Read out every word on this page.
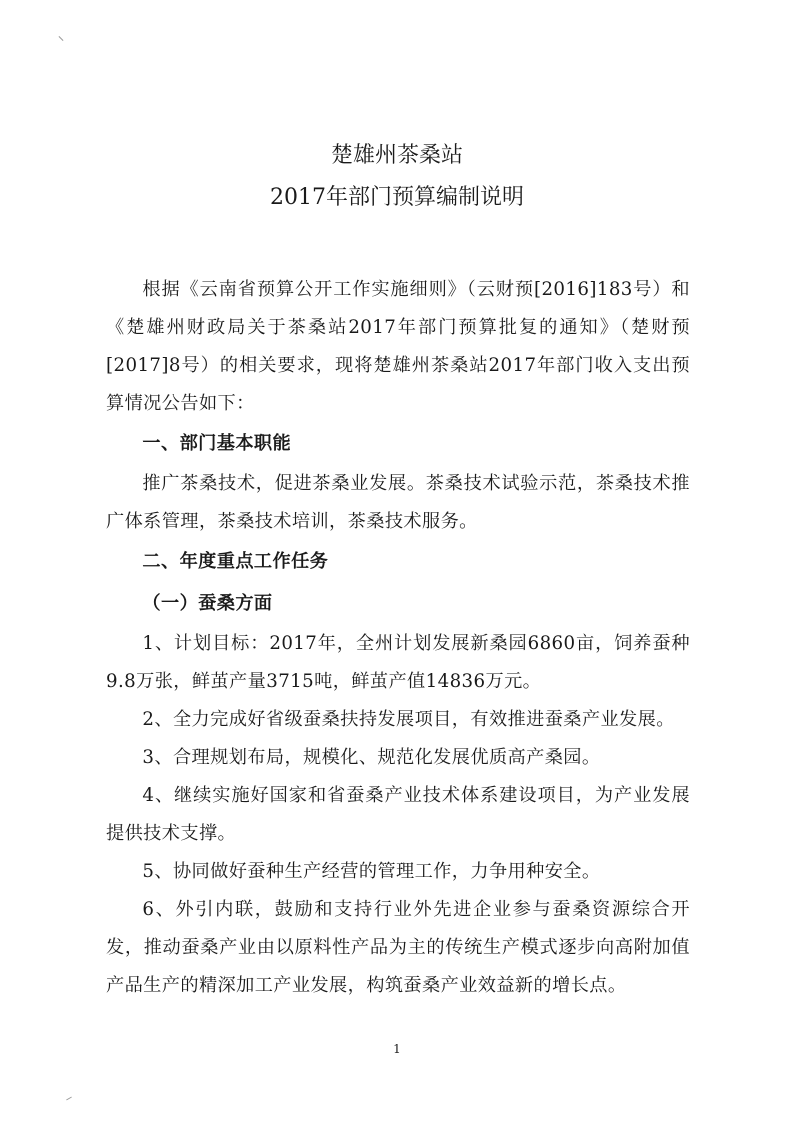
楚雄州茶桑站
2017年部门预算编制说明

根据《云南省预算公开工作实施细则》（云财预[2016]183号）和《楚雄州财政局关于茶桑站2017年部门预算批复的通知》（楚财预[2017]8号）的相关要求，现将楚雄州茶桑站2017年部门收入支出预算情况公告如下：

一、部门基本职能

推广茶桑技术，促进茶桑业发展。茶桑技术试验示范，茶桑技术推广体系管理，茶桑技术培训，茶桑技术服务。

二、年度重点工作任务
（一）蚕桑方面

1、计划目标：2017年，全州计划发展新桑园6860亩，饲养蚕种9.8万张，鲜茧产量3715吨，鲜茧产值14836万元。

2、全力完成好省级蚕桑扶持发展项目，有效推进蚕桑产业发展。

3、合理规划布局，规模化、规范化发展优质高产桑园。

4、继续实施好国家和省蚕桑产业技术体系建设项目，为产业发展提供技术支撑。

5、协同做好蚕种生产经营的管理工作，力争用种安全。

6、外引内联，鼓励和支持行业外先进企业参与蚕桑资源综合开发，推动蚕桑产业由以原料性产品为主的传统生产模式逐步向高附加值产品生产的精深加工产业发展，构筑蚕桑产业效益新的增长点。

1
